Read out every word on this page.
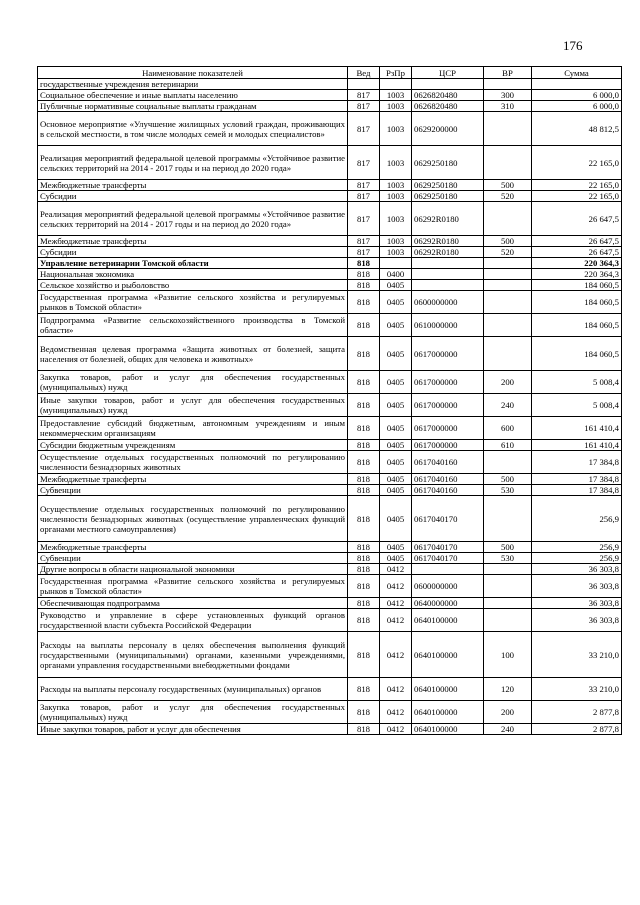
176
Наименование показателей	Вед	РзПр	ЦСР	ВР	Сумма
государственные учреждения ветеринарии					
Социальное обеспечение и иные выплаты населению	817	1003	0626820480	300	6 000,0
Публичные нормативные социальные выплаты гражданам	817	1003	0626820480	310	6 000,0
Основное мероприятие «Улучшение жилищных условий граждан, проживающих в сельской местности, в том числе молодых семей и молодых специалистов»	817	1003	0629200000		48 812,5
Реализация мероприятий федеральной целевой программы «Устойчивое развитие сельских территорий на 2014 - 2017 годы и на период до 2020 года»	817	1003	0629250180		22 165,0
Межбюджетные трансферты	817	1003	0629250180	500	22 165,0
Субсидии	817	1003	0629250180	520	22 165,0
Реализация мероприятий федеральной целевой программы «Устойчивое развитие сельских территорий на 2014 - 2017 годы и на период до 2020 года»	817	1003	06292R0180		26 647,5
Межбюджетные трансферты	817	1003	06292R0180	500	26 647,5
Субсидии	817	1003	06292R0180	520	26 647,5
Управление ветеринарии Томской области	818				220 364,3
Национальная экономика	818	0400			220 364,3
Сельское хозяйство и рыболовство	818	0405			184 060,5
Государственная программа «Развитие сельского хозяйства и регулируемых рынков в Томской области»	818	0405	0600000000		184 060,5
Подпрограмма «Развитие сельскохозяйственного производства в Томской области»	818	0405	0610000000		184 060,5
Ведомственная целевая программа «Защита животных от болезней, защита населения от болезней, общих для человека и животных»	818	0405	0617000000		184 060,5
Закупка товаров, работ и услуг для обеспечения государственных (муниципальных) нужд	818	0405	0617000000	200	5 008,4
Иные закупки товаров, работ и услуг для обеспечения государственных (муниципальных) нужд	818	0405	0617000000	240	5 008,4
Предоставление субсидий бюджетным, автономным учреждениям и иным некоммерческим организациям	818	0405	0617000000	600	161 410,4
Субсидии бюджетным учреждениям	818	0405	0617000000	610	161 410,4
Осуществление отдельных государственных полномочий по регулированию численности безнадзорных животных	818	0405	0617040160		17 384,8
Межбюджетные трансферты	818	0405	0617040160	500	17 384,8
Субвенции	818	0405	0617040160	530	17 384,8
Осуществление отдельных государственных полномочий по регулированию численности безнадзорных животных (осуществление управленческих функций органами местного самоуправления)	818	0405	0617040170		256,9
Межбюджетные трансферты	818	0405	0617040170	500	256,9
Субвенции	818	0405	0617040170	530	256,9
Другие вопросы в области национальной экономики	818	0412			36 303,8
Государственная программа «Развитие сельского хозяйства и регулируемых рынков в Томской области»	818	0412	0600000000		36 303,8
Обеспечивающая подпрограмма	818	0412	0640000000		36 303,8
Руководство и управление в сфере установленных функций органов государственной власти субъекта Российской Федерации	818	0412	0640100000		36 303,8
Расходы на выплаты персоналу в целях обеспечения выполнения функций государственными (муниципальными) органами, казенными учреждениями, органами управления государственными внебюджетными фондами	818	0412	0640100000	100	33 210,0
Расходы на выплаты персоналу государственных (муниципальных) органов	818	0412	0640100000	120	33 210,0
Закупка товаров, работ и услуг для обеспечения государственных (муниципальных) нужд	818	0412	0640100000	200	2 877,8
Иные закупки товаров, работ и услуг для обеспечения	818	0412	0640100000	240	2 877,8
